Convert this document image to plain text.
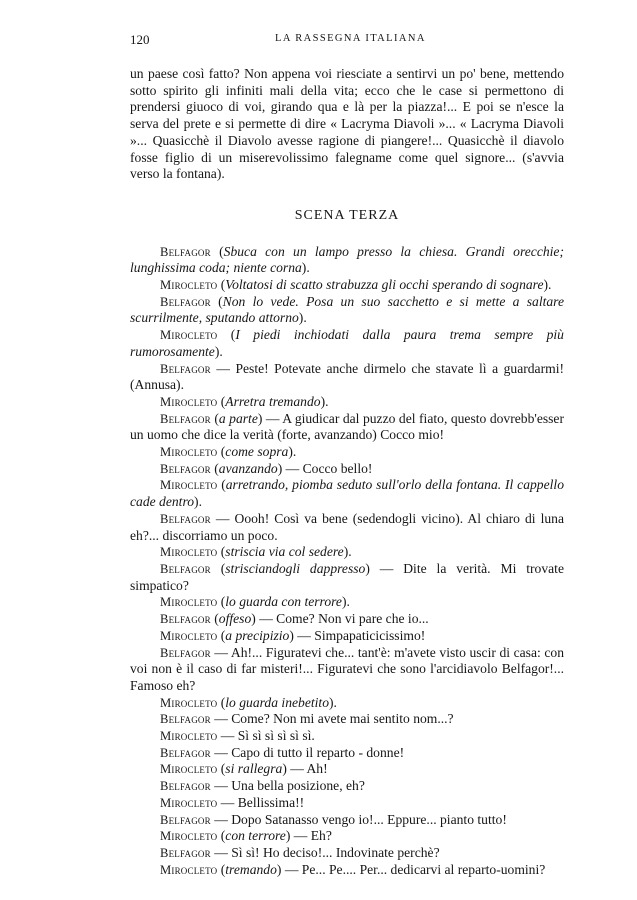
120	LA RASSEGNA ITALIANA

un paese così fatto? Non appena voi riesciate a sentirvi un po' bene, mettendo sotto spirito gli infiniti mali della vita; ecco che le case si permettono di prendersi giuoco di voi, girando qua e là per la piazza!... E poi se n'esce la serva del prete e si permette di dire « Lacryma Diavoli »... « Lacryma Diavoli »... Quasicchè il Diavolo avesse ragione di piangere!... Quasicchè il diavolo fosse figlio di un miserevolissimo falegname come quel signore... (s'avvia verso la fontana).

SCENA TERZA

Belfagor (Sbuca con un lampo presso la chiesa. Grandi orecchie; lunghissima coda; niente corna).

Mirocleto (Voltatosi di scatto strabuzza gli occhi sperando di sognare).

Belfagor (Non lo vede. Posa un suo sacchetto e si mette a saltare scurrilmente, sputando attorno).

Mirocleto (I piedi inchiodati dalla paura trema sempre più rumorosamente).

Belfagor — Peste! Potevate anche dirmelo che stavate lì a guardarmi! (Annusa).

Mirocleto (Arretra tremando).

Belfagor (a parte) — A giudicar dal puzzo del fiato, questo dovrebb'esser un uomo che dice la verità (forte, avanzando) Cocco mio!

Mirocleto (come sopra).

Belfagor (avanzando) — Cocco bello!

Mirocleto (arretrando, piomba seduto sull'orlo della fontana. Il cappello cade dentro).

Belfagor — Oooh! Così va bene (sedendogli vicino). Al chiaro di luna eh?... discorriamo un poco.

Mirocleto (striscia via col sedere).

Belfagor (strisciandogli dappresso) — Dite la verità. Mi trovate simpatico?

Mirocleto (lo guarda con terrore).

Belfagor (offeso) — Come? Non vi pare che io...

Mirocleto (a precipizio) — Simpapaticicissimo!

Belfagor — Ah!... Figuratevi che... tant'è: m'avete visto uscir di casa: con voi non è il caso di far misteri!... Figuratevi che sono l'arcidiavolo Belfagor!... Famoso eh?

Mirocleto (lo guarda inebetito).

Belfagor — Come? Non mi avete mai sentito nom...?

Mirocleto — Sì sì sì sì sì sì.

Belfagor — Capo di tutto il reparto - donne!

Mirocleto (si rallegra) — Ah!

Belfagor — Una bella posizione, eh?

Mirocleto — Bellissima!!

Belfagor — Dopo Satanasso vengo io!... Eppure... pianto tutto!

Mirocleto (con terrore) — Eh?

Belfagor — Sì sì! Ho deciso!... Indovinate perchè?

Mirocleto (tremando) — Pe... Pe.... Per... dedicarvi al reparto-uomini?
